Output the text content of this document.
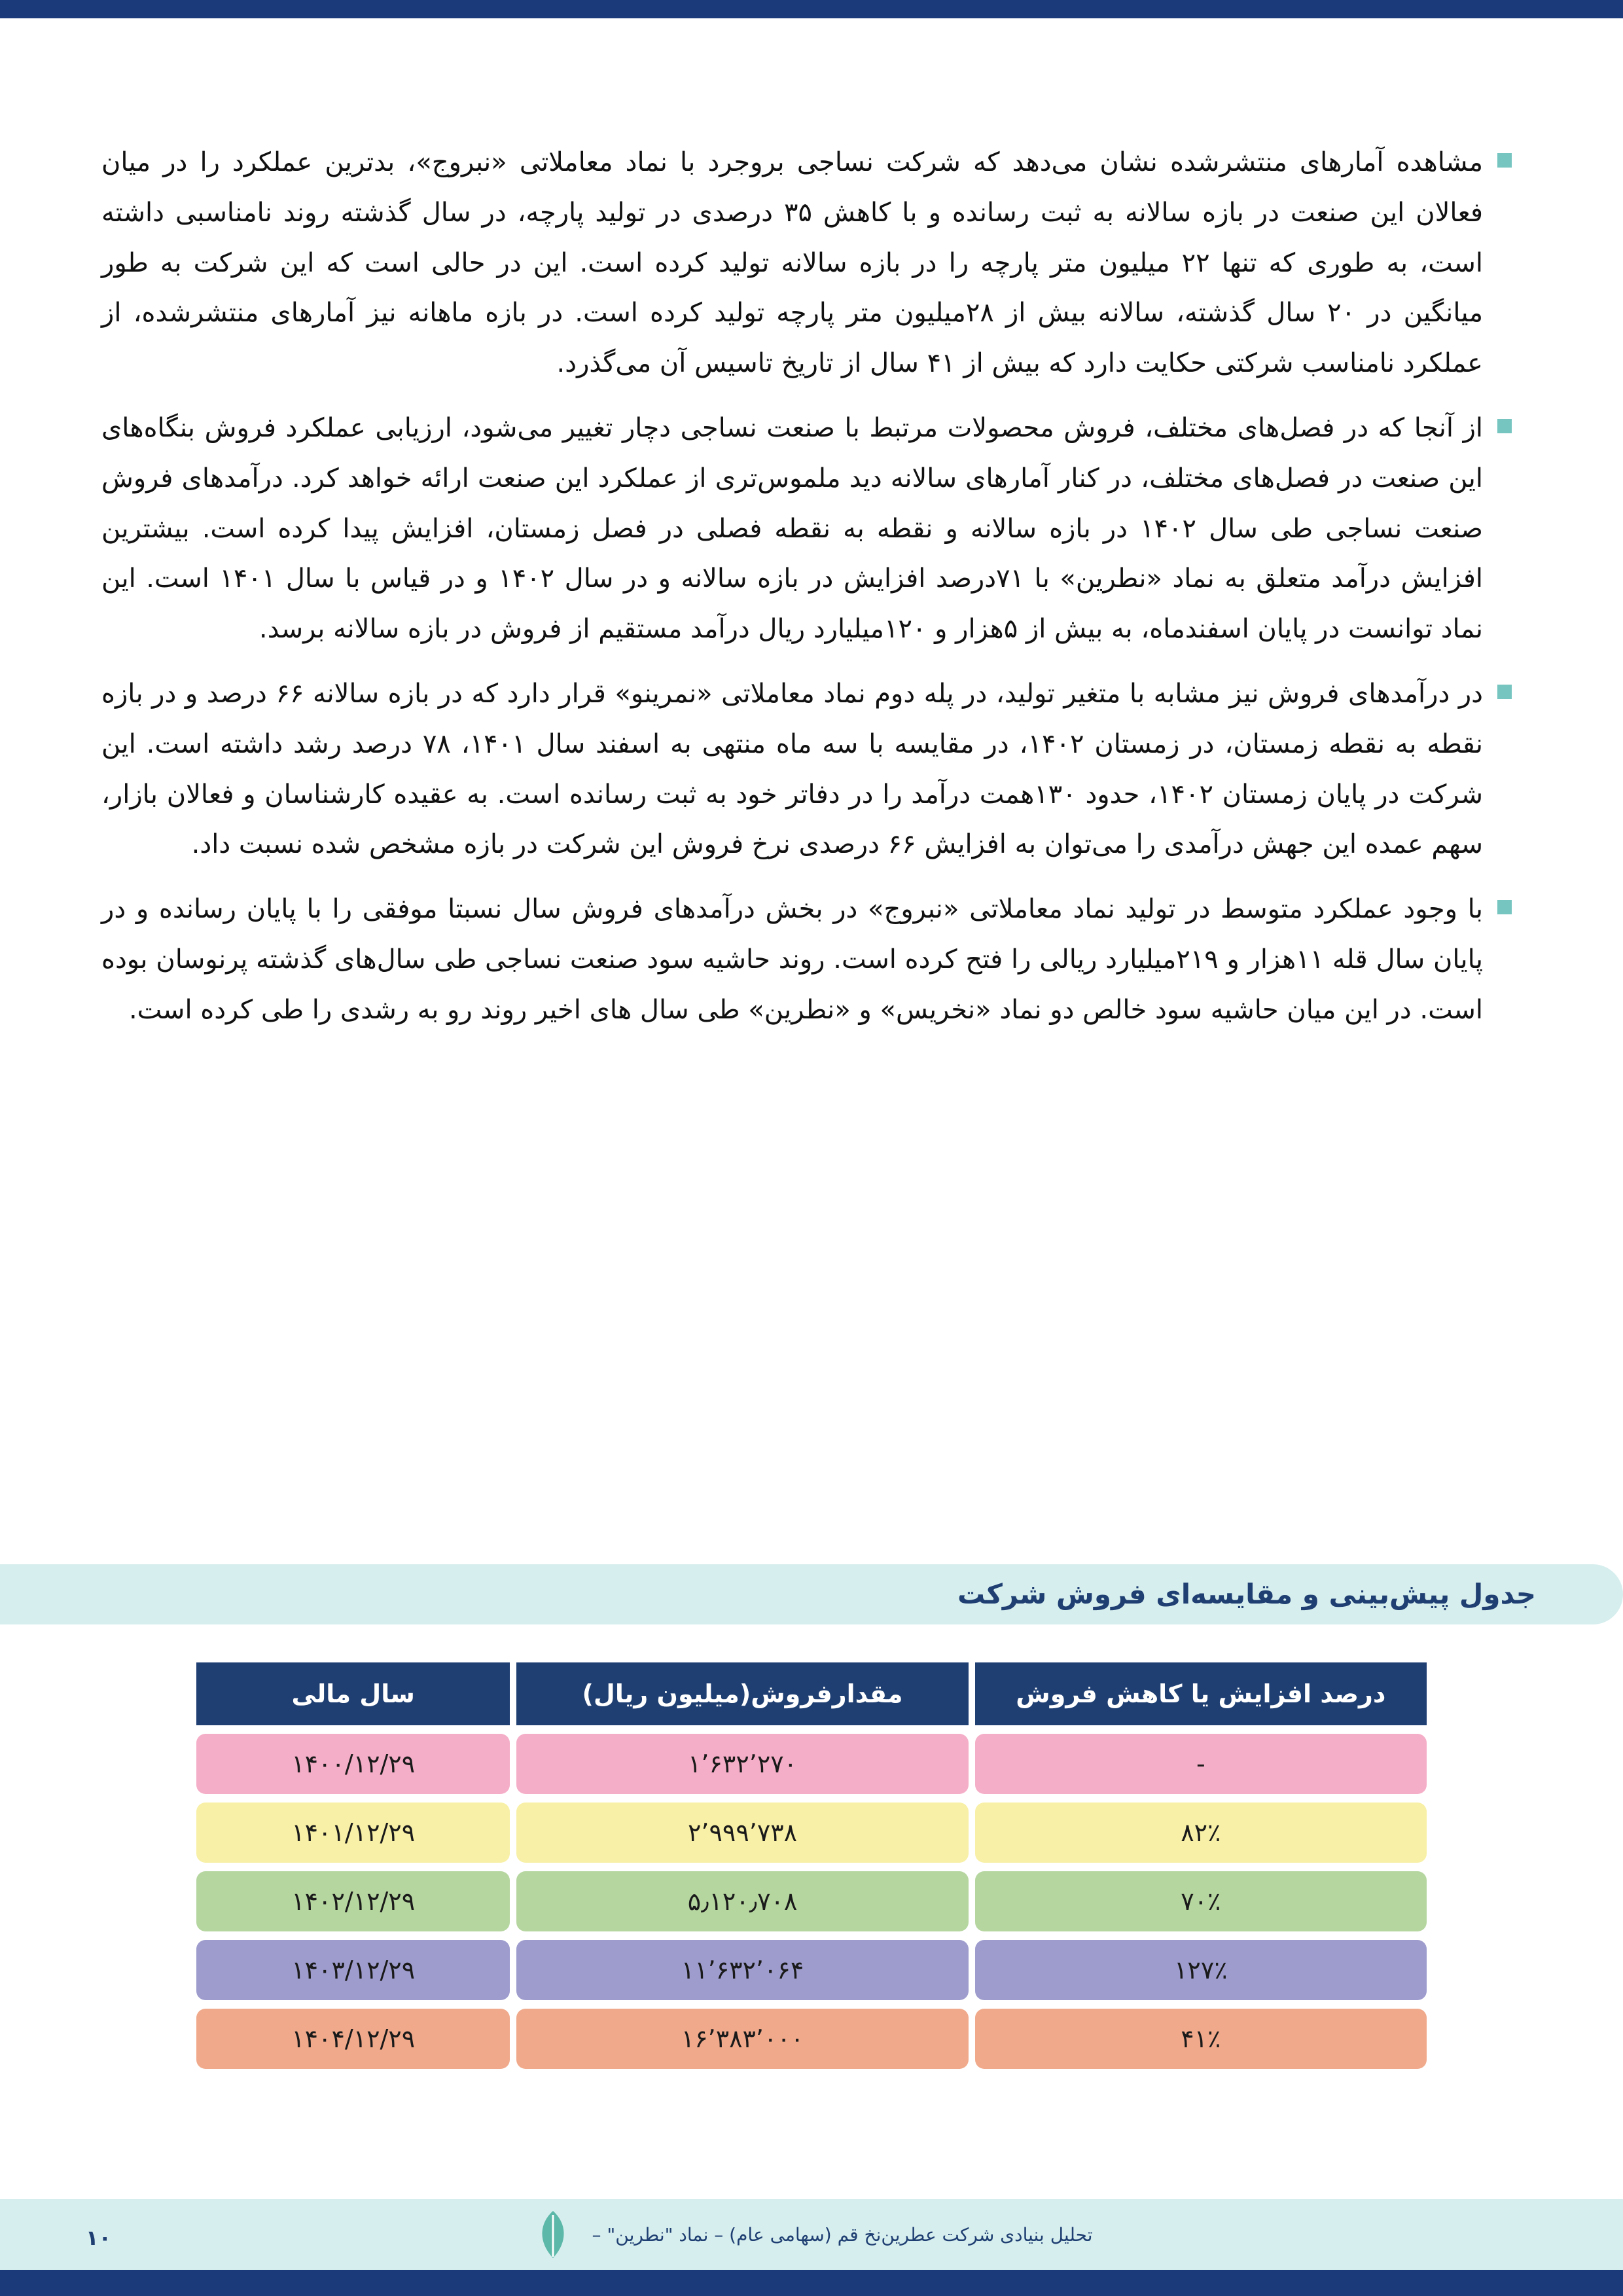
مشاهده آمارهای منتشرشده نشان می‌دهد که شرکت نساجی بروجرد با نماد معاملاتی «نبروج»، بدترین عملکرد را در میان فعالان این صنعت در بازه سالانه به ثبت رسانده و با کاهش ۳۵ درصدی در تولید پارچه، در سال گذشته روند نامناسبی داشته است، به طوری که تنها ۲۲ میلیون متر پارچه را در بازه سالانه تولید کرده است. این در حالی است که این شرکت به طور میانگین در ۲۰ سال گذشته، سالانه بیش از ۲۸میلیون متر پارچه تولید کرده است. در بازه ماهانه نیز آمارهای منتشرشده، از عملکرد نامناسب شرکتی حکایت دارد که بیش از ۴۱ سال از تاریخ تاسیس آن می‌گذرد.
از آنجا که در فصل‌های مختلف، فروش محصولات مرتبط با صنعت نساجی دچار تغییر می‌شود، ارزیابی عملکرد فروش بنگاه‌های این صنعت در فصل‌های مختلف، در کنار آمارهای سالانه دید ملموس‌تری از عملکرد این صنعت ارائه خواهد کرد. درآمدهای فروش صنعت نساجی طی سال ۱۴۰۲ در بازه سالانه و نقطه به نقطه فصلی در فصل زمستان، افزایش پیدا کرده است. بیشترین افزایش درآمد متعلق به نماد «نطرین» با ۷۱درصد افزایش در بازه سالانه و در سال ۱۴۰۲ و در قیاس با سال ۱۴۰۱ است. این نماد توانست در پایان اسفندماه، به بیش از ۵هزار و ۱۲۰میلیارد ریال درآمد مستقیم از فروش در بازه سالانه برسد.
در درآمدهای فروش نیز مشابه با متغیر تولید، در پله دوم نماد معاملاتی «نمرینو» قرار دارد که در بازه سالانه ۶۶ درصد و در بازه نقطه به نقطه زمستان، در زمستان ۱۴۰۲، در مقایسه با سه ماه منتهی به اسفند سال ۱۴۰۱، ۷۸ درصد رشد داشته است. این شرکت در پایان زمستان ۱۴۰۲، حدود ۱۳۰همت درآمد را در دفاتر خود به ثبت رسانده است. به عقیده کارشناسان و فعالان بازار، سهم عمده این جهش درآمدی را می‌توان به افزایش ۶۶ درصدی نرخ فروش این شرکت در بازه مشخص شده نسبت داد.
با وجود عملکرد متوسط در تولید نماد معاملاتی «نبروج» در بخش درآمدهای فروش سال نسبتا موفقی را با پایان رسانده و در پایان سال قله ۱۱هزار و ۲۱۹میلیارد ریالی را فتح کرده است. روند حاشیه سود صنعت نساجی طی سال‌های گذشته پرنوسان بوده است. در این میان حاشیه سود خالص دو نماد «نخریس» و «نطرین» طی سال های اخیر روند رو به رشدی را طی کرده است.
جدول پیش‌بینی و مقایسه‌ای فروش شرکت
درصد افزایش یا کاهش فروش
مقدارفروش(میلیون ریال)
سال مالی
-
۱٬۶۳۲٬۲۷۰
۱۴۰۰/۱۲/۲۹
۸۲٪
۲٬۹۹۹٬۷۳۸
۱۴۰۱/۱۲/۲۹
۷۰٪
۵٫۱۲۰٫۷۰۸
۱۴۰۲/۱۲/۲۹
۱۲۷٪
۱۱٬۶۳۲٬۰۶۴
۱۴۰۳/۱۲/۲۹
۴۱٪
۱۶٬۳۸۳٬۰۰۰
۱۴۰۴/۱۲/۲۹
تحلیل بنیادی شرکت عطرین‌نخ قم (سهامی عام) – نماد "نطرین" –
۱۰
